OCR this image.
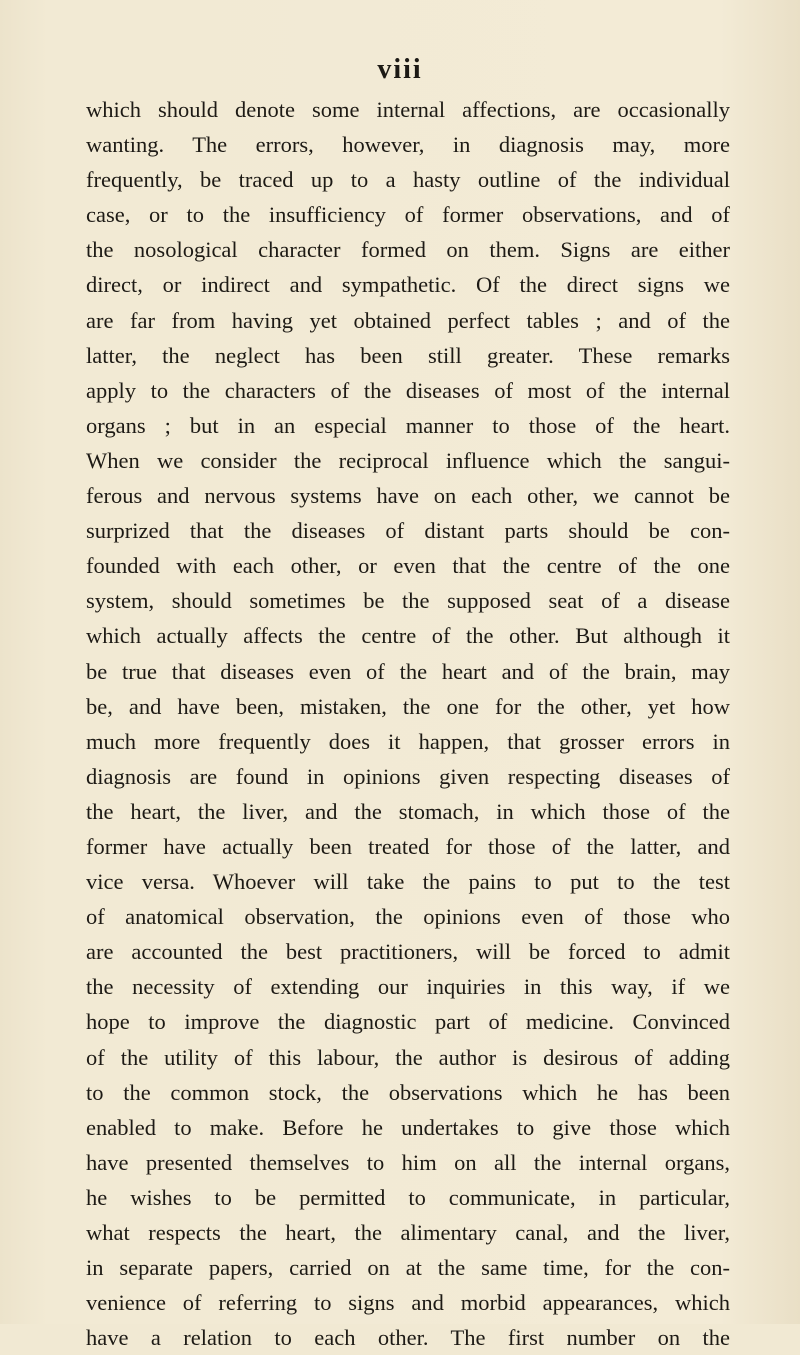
viii
which should denote some internal affections, are occasionally
wanting. The errors, however, in diagnosis may, more
frequently, be traced up to a hasty outline of the individual
case, or to the insufficiency of former observations, and of
the nosological character formed on them. Signs are either
direct, or indirect and sympathetic. Of the direct signs we
are far from having yet obtained perfect tables ; and of the
latter, the neglect has been still greater. These remarks
apply to the characters of the diseases of most of the internal
organs ; but in an especial manner to those of the heart.
When we consider the reciprocal influence which the sangui-
ferous and nervous systems have on each other, we cannot be
surprized that the diseases of distant parts should be con-
founded with each other, or even that the centre of the one
system, should sometimes be the supposed seat of a disease
which actually affects the centre of the other. But although it
be true that diseases even of the heart and of the brain, may
be, and have been, mistaken, the one for the other, yet how
much more frequently does it happen, that grosser errors in
diagnosis are found in opinions given respecting diseases of
the heart, the liver, and the stomach, in which those of the
former have actually been treated for those of the latter, and
vice versa. Whoever will take the pains to put to the test
of anatomical observation, the opinions even of those who
are accounted the best practitioners, will be forced to admit
the necessity of extending our inquiries in this way, if we
hope to improve the diagnostic part of medicine. Convinced
of the utility of this labour, the author is desirous of adding
to the common stock, the observations which he has been
enabled to make. Before he undertakes to give those which
have presented themselves to him on all the internal organs,
he wishes to be permitted to communicate, in particular,
what respects the heart, the alimentary canal, and the liver,
in separate papers, carried on at the same time, for the con-
venience of referring to signs and morbid appearances, which
have a relation to each other. The first number on the
